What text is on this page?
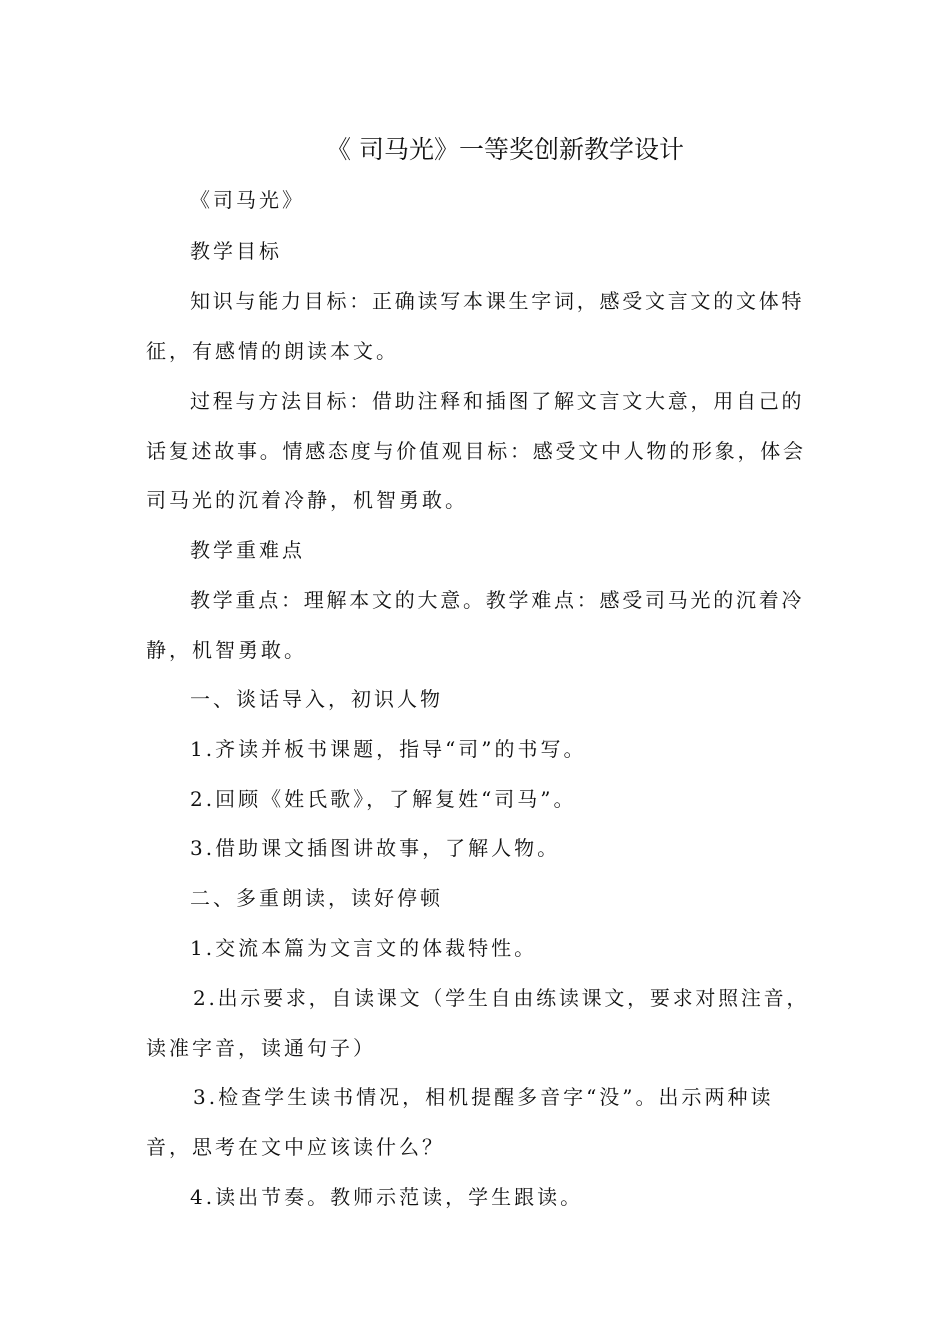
《 司马光》一等奖创新教学设计
《司马光》
教学目标
知识与能力目标：正确读写本课生字词，感受文言文的文体特
征，有感情的朗读本文。
过程与方法目标：借助注释和插图了解文言文大意，用自己的
话复述故事。情感态度与价值观目标：感受文中人物的形象，体会
司马光的沉着冷静，机智勇敢。
教学重难点
教学重点：理解本文的大意。教学难点：感受司马光的沉着冷
静，机智勇敢。
一、谈话导入，初识人物
1.齐读并板书课题，指导“司”的书写。
2.回顾《姓氏歌》，了解复姓“司马”。
3.借助课文插图讲故事，了解人物。
二、多重朗读，读好停顿
1.交流本篇为文言文的体裁特性。
2.出示要求，自读课文（学生自由练读课文，要求对照注音，
读准字音，读通句子）
3.检查学生读书情况，相机提醒多音字“没”。出示两种读
音，思考在文中应该读什么？
4.读出节奏。教师示范读，学生跟读。
